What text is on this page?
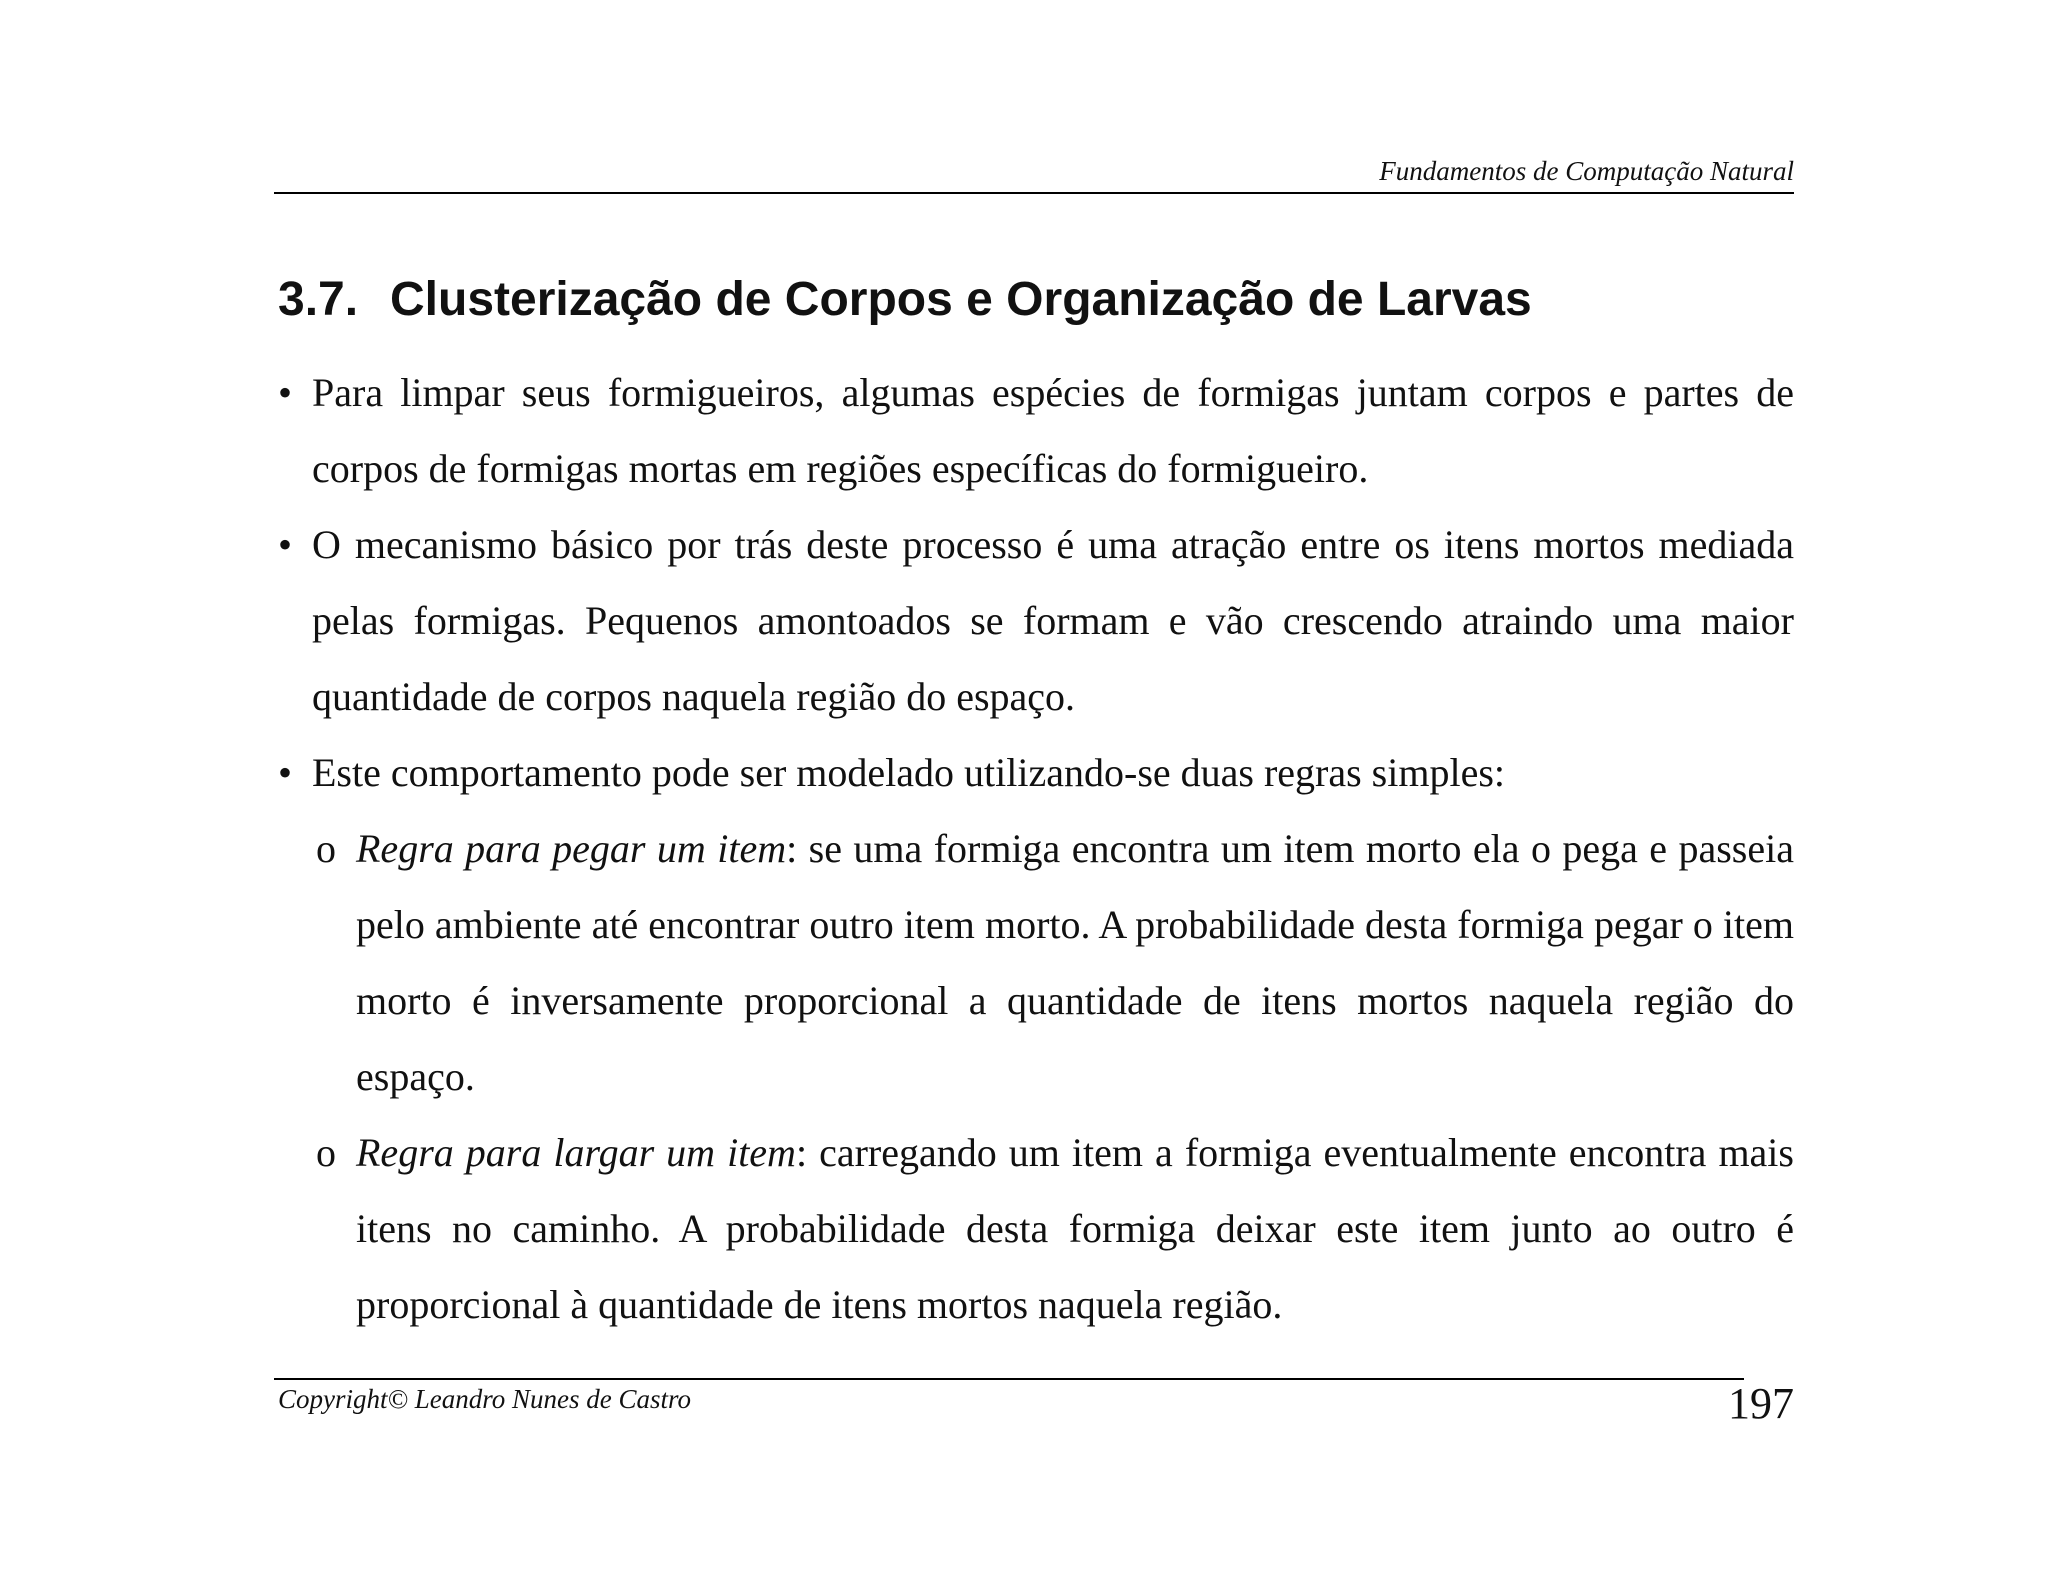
Fundamentos de Computação Natural
3.7. Clusterização de Corpos e Organização de Larvas
• Para limpar seus formigueiros, algumas espécies de formigas juntam corpos e partes de corpos de formigas mortas em regiões específicas do formigueiro.
• O mecanismo básico por trás deste processo é uma atração entre os itens mortos mediada pelas formigas. Pequenos amontoados se formam e vão crescendo atraindo uma maior quantidade de corpos naquela região do espaço.
• Este comportamento pode ser modelado utilizando-se duas regras simples:
o Regra para pegar um item: se uma formiga encontra um item morto ela o pega e passeia pelo ambiente até encontrar outro item morto. A probabilidade desta formiga pegar o item morto é inversamente proporcional a quantidade de itens mortos naquela região do espaço.
o Regra para largar um item: carregando um item a formiga eventualmente encontra mais itens no caminho. A probabilidade desta formiga deixar este item junto ao outro é proporcional à quantidade de itens mortos naquela região.
Copyright© Leandro Nunes de Castro	197
